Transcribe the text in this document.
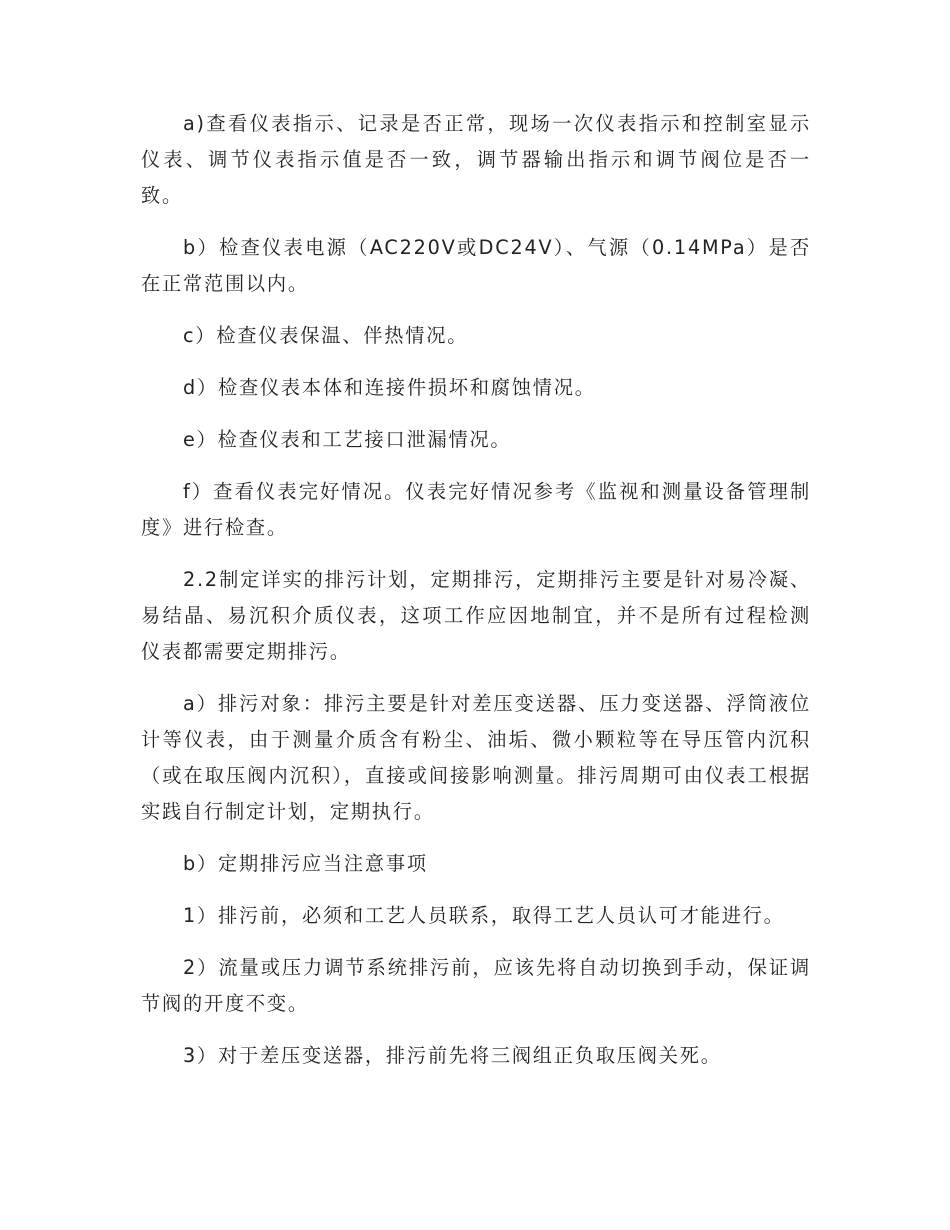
a)查看仪表指示、记录是否正常，现场一次仪表指示和控制室显示仪表、调节仪表指示值是否一致，调节器输出指示和调节阀位是否一致。

b）检查仪表电源（AC220V或DC24V）、气源（0.14MPa）是否在正常范围以内。

c）检查仪表保温、伴热情况。

d）检查仪表本体和连接件损坏和腐蚀情况。

e）检查仪表和工艺接口泄漏情况。

f）查看仪表完好情况。仪表完好情况参考《监视和测量设备管理制度》进行检查。

2.2制定详实的排污计划，定期排污，定期排污主要是针对易冷凝、易结晶、易沉积介质仪表，这项工作应因地制宜，并不是所有过程检测仪表都需要定期排污。

a）排污对象：排污主要是针对差压变送器、压力变送器、浮筒液位计等仪表，由于测量介质含有粉尘、油垢、微小颗粒等在导压管内沉积（或在取压阀内沉积），直接或间接影响测量。排污周期可由仪表工根据实践自行制定计划，定期执行。

b）定期排污应当注意事项

1）排污前，必须和工艺人员联系，取得工艺人员认可才能进行。

2）流量或压力调节系统排污前，应该先将自动切换到手动，保证调节阀的开度不变。

3）对于差压变送器，排污前先将三阀组正负取压阀关死。
